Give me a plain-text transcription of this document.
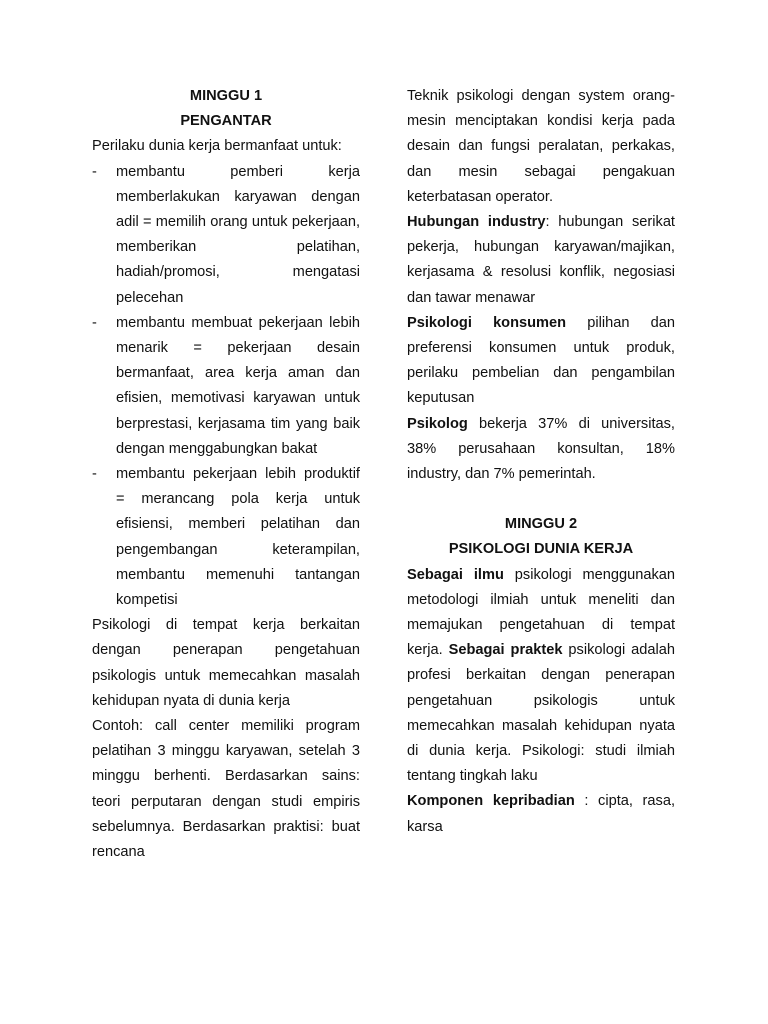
MINGGU 1

PENGANTAR

Perilaku dunia kerja bermanfaat untuk:

- membantu pemberi kerja memberlakukan karyawan dengan adil = memilih orang untuk pekerjaan, memberikan pelatihan, hadiah/promosi, mengatasi pelecehan

- membantu membuat pekerjaan lebih menarik = pekerjaan desain bermanfaat, area kerja aman dan efisien, memotivasi karyawan untuk berprestasi, kerjasama tim yang baik dengan menggabungkan bakat

- membantu pekerjaan lebih produktif = merancang pola kerja untuk efisiensi, memberi pelatihan dan pengembangan keterampilan, membantu memenuhi tantangan kompetisi

Psikologi di tempat kerja berkaitan dengan penerapan pengetahuan psikologis untuk memecahkan masalah kehidupan nyata di dunia kerja

Contoh: call center memiliki program pelatihan 3 minggu karyawan, setelah 3 minggu berhenti. Berdasarkan sains: teori perputaran dengan studi empiris sebelumnya. Berdasarkan praktisi: buat rencana

Teknik psikologi dengan system orang-mesin menciptakan kondisi kerja pada desain dan fungsi peralatan, perkakas, dan mesin sebagai pengakuan keterbatasan operator.

Hubungan industry: hubungan serikat pekerja, hubungan karyawan/majikan, kerjasama & resolusi konflik, negosiasi dan tawar menawar

Psikologi konsumen pilihan dan preferensi konsumen untuk produk, perilaku pembelian dan pengambilan keputusan

Psikolog bekerja 37% di universitas, 38% perusahaan konsultan, 18% industry, dan 7% pemerintah.

MINGGU 2

PSIKOLOGI DUNIA KERJA

Sebagai ilmu psikologi menggunakan metodologi ilmiah untuk meneliti dan memajukan pengetahuan di tempat kerja. Sebagai praktek psikologi adalah profesi berkaitan dengan penerapan pengetahuan psikologis untuk memecahkan masalah kehidupan nyata di dunia kerja. Psikologi: studi ilmiah tentang tingkah laku

Komponen kepribadian : cipta, rasa, karsa
